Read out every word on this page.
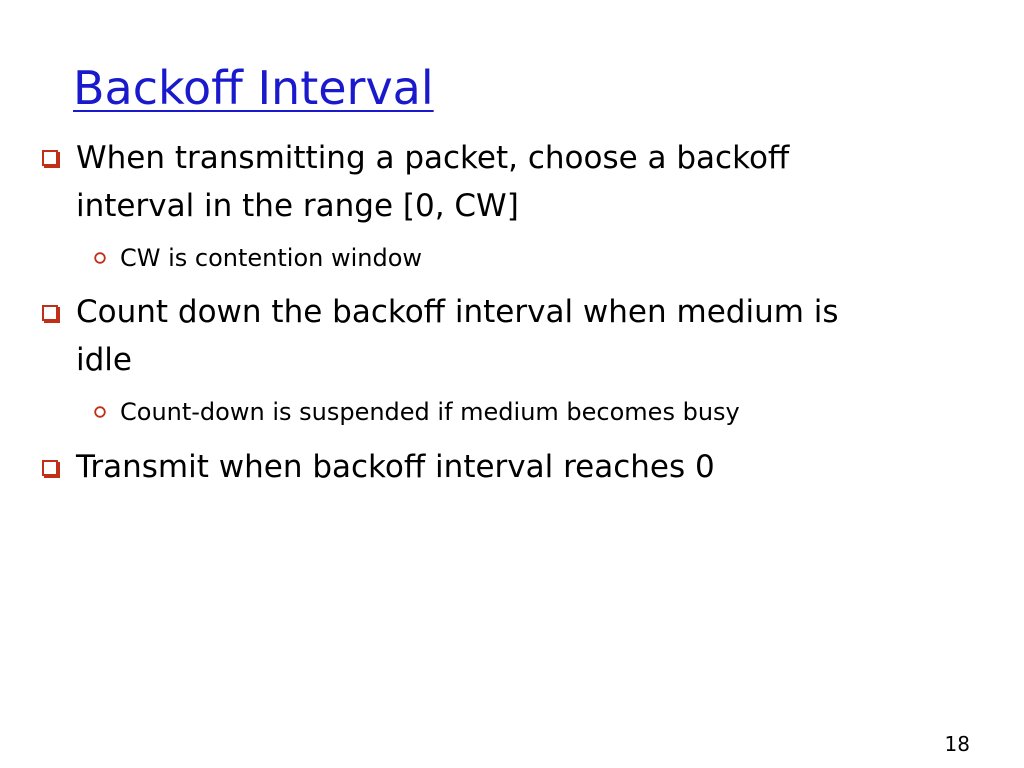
Backoff Interval
When transmitting a packet, choose a backoff
interval in the range [0, CW]
CW is contention window
Count down the backoff interval when medium is
idle
Count-down is suspended if medium becomes busy
Transmit when backoff interval reaches 0
18
